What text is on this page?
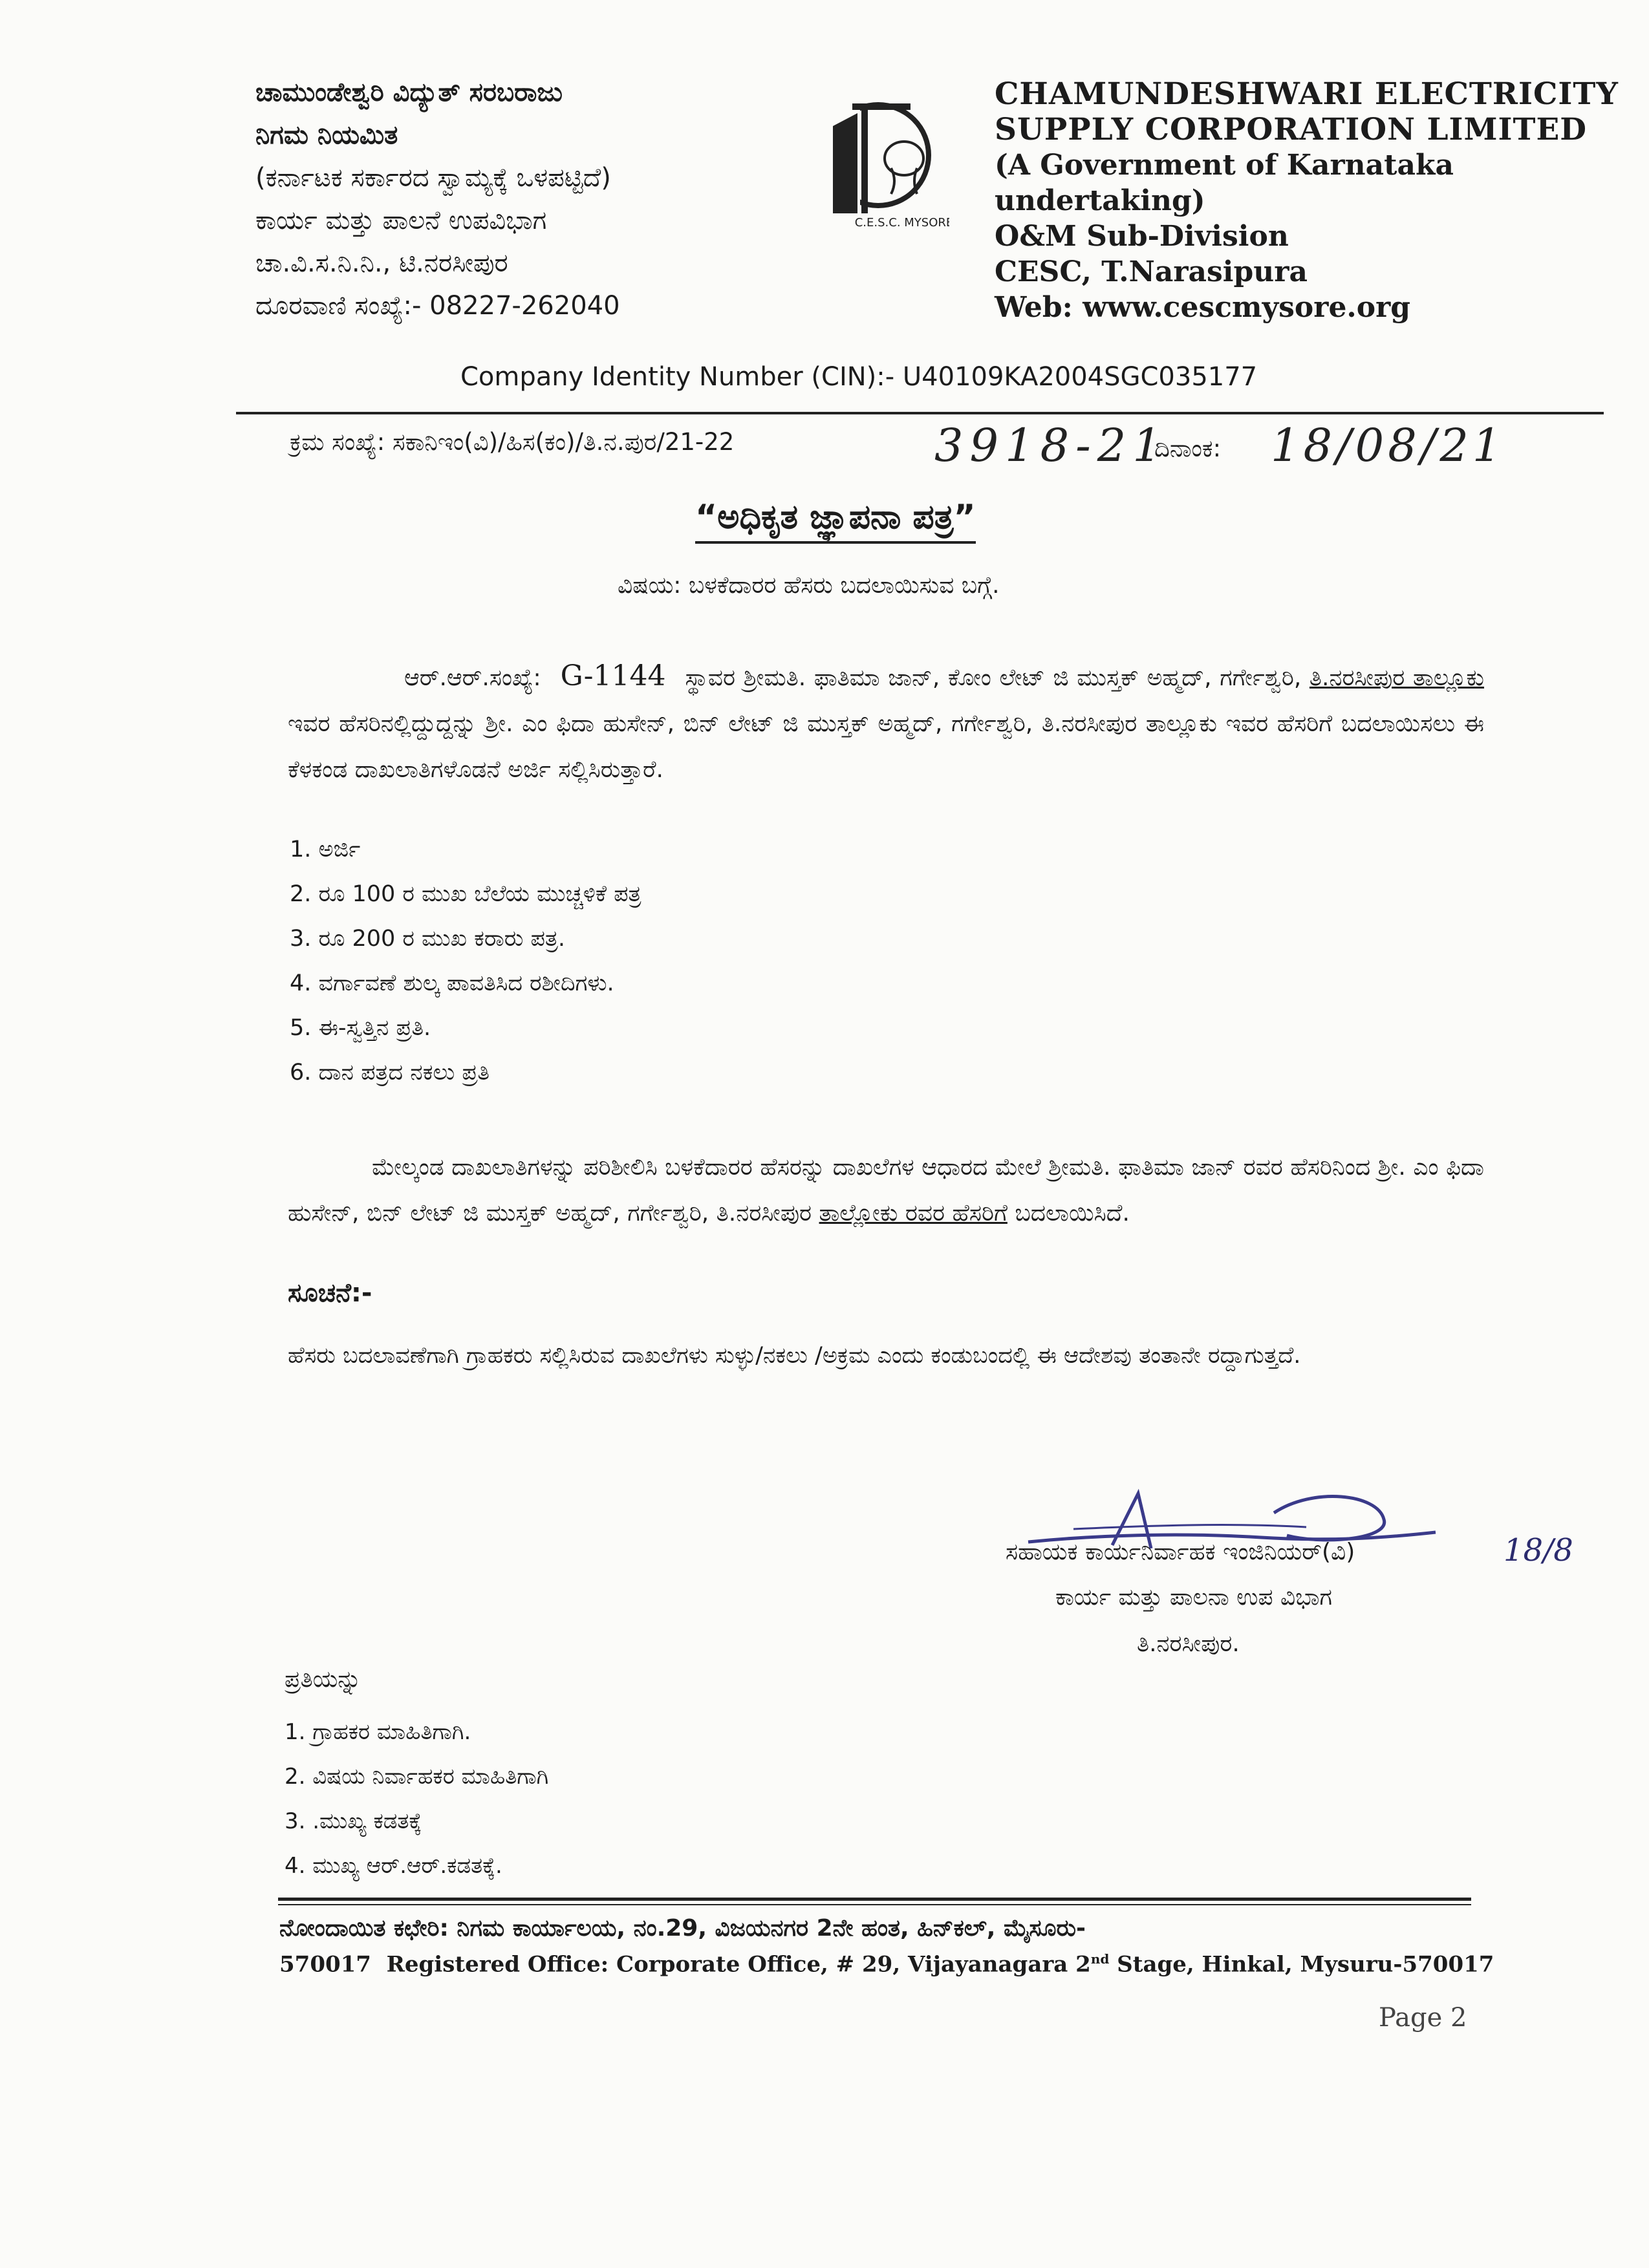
ಚಾಮುಂಡೇಶ್ವರಿ ವಿದ್ಯುತ್ ಸರಬರಾಜು
ನಿಗಮ ನಿಯಮಿತ
(ಕರ್ನಾಟಕ ಸರ್ಕಾರದ ಸ್ವಾಮ್ಯಕ್ಕೆ ಒಳಪಟ್ಟಿದೆ)
ಕಾರ್ಯ ಮತ್ತು ಪಾಲನೆ ಉಪವಿಭಾಗ
ಚಾ.ವಿ.ಸ.ನಿ.ನಿ., ಟಿ.ನರಸೀಪುರ
ದೂರವಾಣಿ ಸಂಖ್ಯೆ:- 08227-262040
C.E.S.C. MYSORE
CHAMUNDESHWARI ELECTRICITY
SUPPLY CORPORATION LIMITED
(A Government of Karnataka
undertaking)
O&M Sub-Division
CESC, T.Narasipura
Web: www.cescmysore.org
Company Identity Number (CIN):- U40109KA2004SGC035177
ಕ್ರಮ ಸಂಖ್ಯೆ: ಸಕಾನಿಇಂ(ವಿ)/ಹಿಸ(ಕಂ)/ತಿ.ನ.ಪುರ/21-22	3918-21
ದಿನಾಂಕ: 18/08/21
“ಅಧಿಕೃತ ಜ್ಞಾಪನಾ ಪತ್ರ”
ವಿಷಯ: ಬಳಕೆದಾರರ ಹೆಸರು ಬದಲಾಯಿಸುವ ಬಗ್ಗೆ.
ಆರ್.ಆರ್.ಸಂಖ್ಯೆ: G-1144 ಸ್ಥಾವರ ಶ್ರೀಮತಿ. ಫಾತಿಮಾ ಜಾನ್, ಕೋಂ ಲೇಟ್ ಜಿ ಮುಸ್ತಕ್ ಅಹ್ಮದ್, ಗರ್ಗೇಶ್ವರಿ, ತಿ.ನರಸೀಪುರ ತಾಲ್ಲೂಕು ಇವರ ಹೆಸರಿನಲ್ಲಿದ್ದುದ್ದನ್ನು ಶ್ರೀ. ಎಂ ಫಿದಾ ಹುಸೇನ್, ಬಿನ್ ಲೇಟ್ ಜಿ ಮುಸ್ತಕ್ ಅಹ್ಮದ್, ಗರ್ಗೇಶ್ವರಿ, ತಿ.ನರಸೀಪುರ ತಾಲ್ಲೂಕು ಇವರ ಹೆಸರಿಗೆ ಬದಲಾಯಿಸಲು ಈ ಕೆಳಕಂಡ ದಾಖಲಾತಿಗಳೊಡನೆ ಅರ್ಜಿ ಸಲ್ಲಿಸಿರುತ್ತಾರೆ.
1. ಅರ್ಜಿ
2. ರೂ 100 ರ ಮುಖ ಬೆಲೆಯ ಮುಚ್ಚಳಿಕೆ ಪತ್ರ
3. ರೂ 200 ರ ಮುಖ ಕರಾರು ಪತ್ರ.
4. ವರ್ಗಾವಣೆ ಶುಲ್ಕ ಪಾವತಿಸಿದ ರಶೀದಿಗಳು.
5. ಈ-ಸ್ವತ್ತಿನ ಪ್ರತಿ.
6. ದಾನ ಪತ್ರದ ನಕಲು ಪ್ರತಿ
ಮೇಲ್ಕಂಡ ದಾಖಲಾತಿಗಳನ್ನು ಪರಿಶೀಲಿಸಿ ಬಳಕೆದಾರರ ಹೆಸರನ್ನು ದಾಖಲೆಗಳ ಆಧಾರದ ಮೇಲೆ ಶ್ರೀಮತಿ. ಫಾತಿಮಾ ಜಾನ್ ರವರ ಹೆಸರಿನಿಂದ ಶ್ರೀ. ಎಂ ಫಿದಾ ಹುಸೇನ್, ಬಿನ್ ಲೇಟ್ ಜಿ ಮುಸ್ತಕ್ ಅಹ್ಮದ್, ಗರ್ಗೇಶ್ವರಿ, ತಿ.ನರಸೀಪುರ ತಾಲ್ಲೋಕು ರವರ ಹೆಸರಿಗೆ ಬದಲಾಯಿಸಿದೆ.
ಸೂಚನೆ:-
ಹೆಸರು ಬದಲಾವಣೆಗಾಗಿ ಗ್ರಾಹಕರು ಸಲ್ಲಿಸಿರುವ ದಾಖಲೆಗಳು ಸುಳ್ಳು/ನಕಲು /ಅಕ್ರಮ ಎಂದು ಕಂಡುಬಂದಲ್ಲಿ ಈ ಆದೇಶವು ತಂತಾನೇ ರದ್ದಾಗುತ್ತದೆ.
ಸಹಾಯಕ ಕಾರ್ಯನಿರ್ವಾಹಕ ಇಂಜಿನಿಯರ್(ವಿ)	18/8
ಕಾರ್ಯ ಮತ್ತು ಪಾಲನಾ ಉಪ ವಿಭಾಗ
ತಿ.ನರಸೀಪುರ.
ಪ್ರತಿಯನ್ನು
1. ಗ್ರಾಹಕರ ಮಾಹಿತಿಗಾಗಿ.
2. ವಿಷಯ ನಿರ್ವಾಹಕರ ಮಾಹಿತಿಗಾಗಿ
3. .ಮುಖ್ಯ ಕಡತಕ್ಕೆ
4. ಮುಖ್ಯ ಆರ್.ಆರ್.ಕಡತಕ್ಕೆ.
ನೋಂದಾಯಿತ ಕಛೇರಿ: ನಿಗಮ ಕಾರ್ಯಾಲಯ, ನಂ.29, ವಿಜಯನಗರ 2ನೇ ಹಂತ, ಹಿನ್‌ಕಲ್, ಮೈಸೂರು-
570017 Registered Office: Corporate Office, # 29, Vijayanagara 2nd Stage, Hinkal, Mysuru-570017
Page 2
